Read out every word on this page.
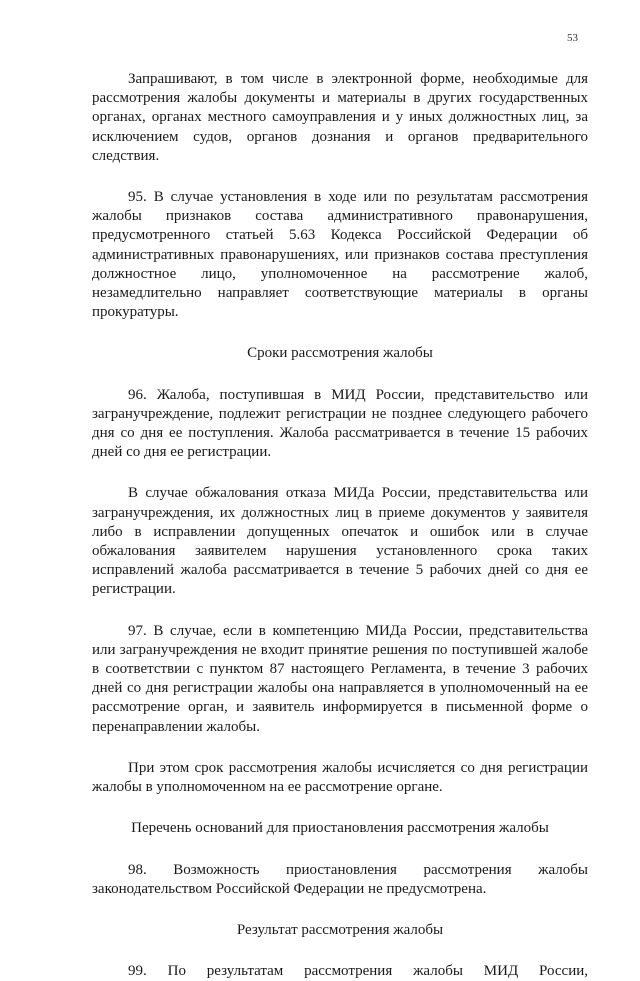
53

Запрашивают, в том числе в электронной форме, необходимые для рассмотрения жалобы документы и материалы в других государственных органах, органах местного самоуправления и у иных должностных лиц, за исключением судов, органов дознания и органов предварительного следствия.

95. В случае установления в ходе или по результатам рассмотрения жалобы признаков состава административного правонарушения, предусмотренного статьей 5.63 Кодекса Российской Федерации об административных правонарушениях, или признаков состава преступления должностное лицо, уполномоченное на рассмотрение жалоб, незамедлительно направляет соответствующие материалы в органы прокуратуры.

Сроки рассмотрения жалобы

96. Жалоба, поступившая в МИД России, представительство или загранучреждение, подлежит регистрации не позднее следующего рабочего дня со дня ее поступления. Жалоба рассматривается в течение 15 рабочих дней со дня ее регистрации.

В случае обжалования отказа МИДа России, представительства или загранучреждения, их должностных лиц в приеме документов у заявителя либо в исправлении допущенных опечаток и ошибок или в случае обжалования заявителем нарушения установленного срока таких исправлений жалоба рассматривается в течение 5 рабочих дней со дня ее регистрации.

97. В случае, если в компетенцию МИДа России, представительства или загранучреждения не входит принятие решения по поступившей жалобе в соответствии с пунктом 87 настоящего Регламента, в течение 3 рабочих дней со дня регистрации жалобы она направляется в уполномоченный на ее рассмотрение орган, и заявитель информируется в письменной форме о перенаправлении жалобы.

При этом срок рассмотрения жалобы исчисляется со дня регистрации жалобы в уполномоченном на ее рассмотрение органе.

Перечень оснований для приостановления рассмотрения жалобы

98. Возможность приостановления рассмотрения жалобы законодательством Российской Федерации не предусмотрена.

Результат рассмотрения жалобы

99. По результатам рассмотрения жалобы МИД России,
